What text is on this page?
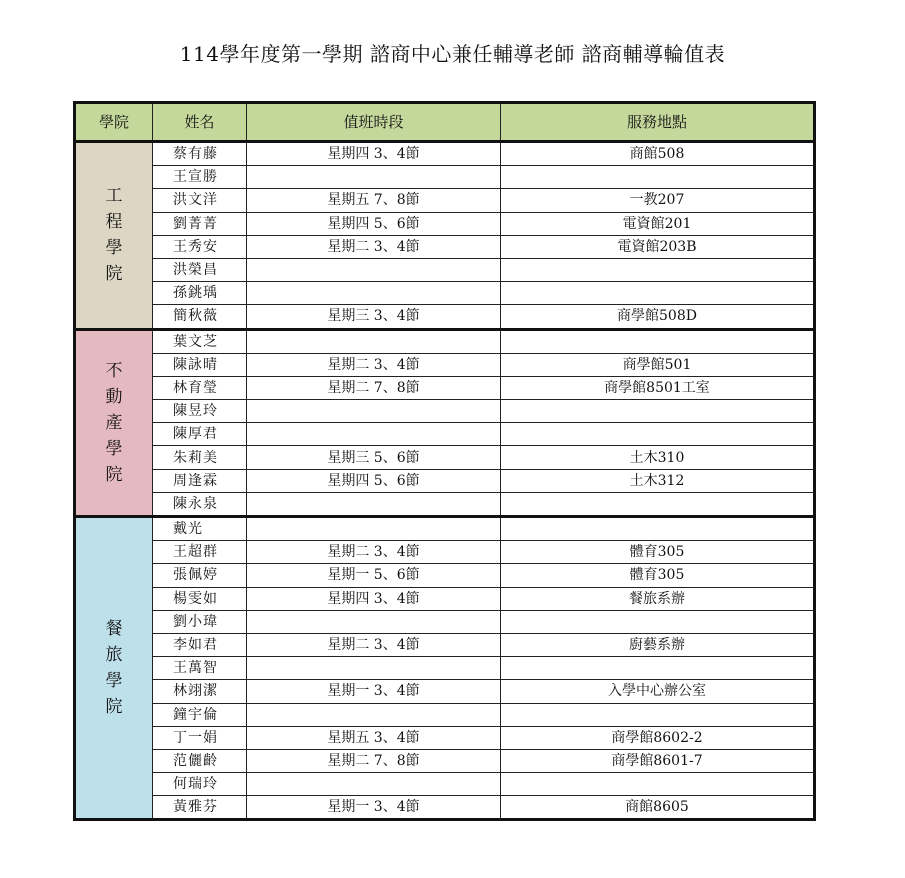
114學年度第一學期 諮商中心兼任輔導老師 諮商輔導輪值表
學院	姓名	值班時段	服務地點

工
程
學
院	蔡有藤	星期四 3、4節	商館508
	王宣勝		
	洪文洋	星期五 7、8節	一教207
	劉菁菁	星期四 5、6節	電資館201
	王秀安	星期二 3、4節	電資館203B
	洪榮昌		
	孫銚瑀		
	簡秋薇	星期三 3、4節	商學館508D

不
動
產
學
院	葉文芝		
	陳詠晴	星期二 3、4節	商學館501
	林育瑩	星期二 7、8節	商學館8501工室
	陳昱玲		
	陳厚君		
	朱莉美	星期三 5、6節	土木310
	周逢霖	星期四 5、6節	土木312
	陳永泉		

餐
旅
學
院	戴光		
	王超群	星期二 3、4節	體育305
	張佩婷	星期一 5、6節	體育305
	楊雯如	星期四 3、4節	餐旅系辦
	劉小瑋		
	李如君	星期二 3、4節	廚藝系辦
	王萬智		
	林翊潔	星期一 3、4節	入學中心辦公室
	鐘宇倫		
	丁一娟	星期五 3、4節	商學館8602-2
	范儷齡	星期二 7、8節	商學館8601-7
	何瑞玲		
	黃雅芬	星期一 3、4節	商館8605
